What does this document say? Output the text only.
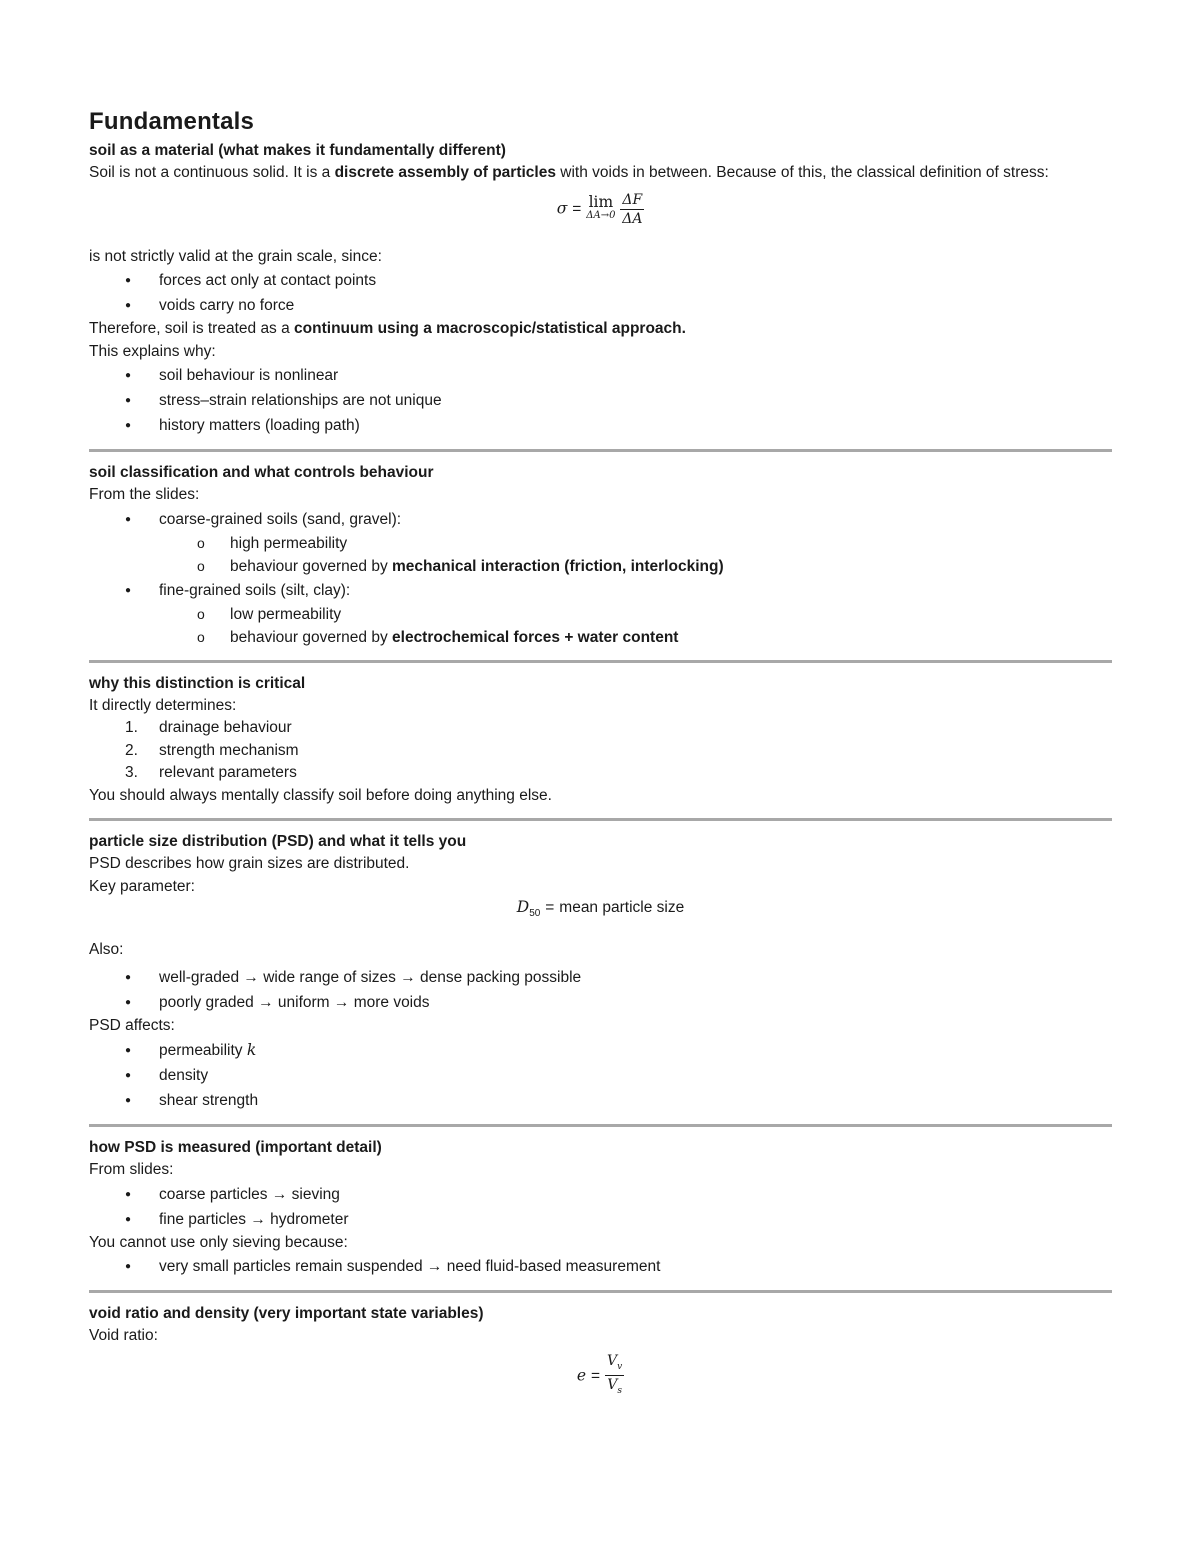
Fundamentals

soil as a material (what makes it fundamentally different)

Soil is not a continuous solid. It is a discrete assembly of particles with voids in between. Because of this, the classical definition of stress:

σ = lim
ΔA→0
$\frac{\Delta F}{\Delta A}$

is not strictly valid at the grain scale, since:

● forces act only at contact points
● voids carry no force

Therefore, soil is treated as a continuum using a macroscopic/statistical approach.

This explains why:

● soil behaviour is nonlinear
● stress–strain relationships are not unique
● history matters (loading path)

soil classification and what controls behaviour

From the slides:

● coarse-grained soils (sand, gravel):
o high permeability
o behaviour governed by mechanical interaction (friction, interlocking)
● fine-grained soils (silt, clay):
o low permeability
o behaviour governed by electrochemical forces + water content

why this distinction is critical

It directly determines:

1. drainage behaviour
2. strength mechanism
3. relevant parameters

You should always mentally classify soil before doing anything else.

particle size distribution (PSD) and what it tells you

PSD describes how grain sizes are distributed.

Key parameter:

$D_{50}$ = mean particle size

Also:

● well-graded → wide range of sizes → dense packing possible
● poorly graded → uniform → more voids

PSD affects:

● permeability k
● density
● shear strength

how PSD is measured (important detail)

From slides:

● coarse particles → sieving
● fine particles → hydrometer

You cannot use only sieving because:

● very small particles remain suspended → need fluid-based measurement

void ratio and density (very important state variables)

Void ratio:

$e = \frac{V_v}{V_s}$
